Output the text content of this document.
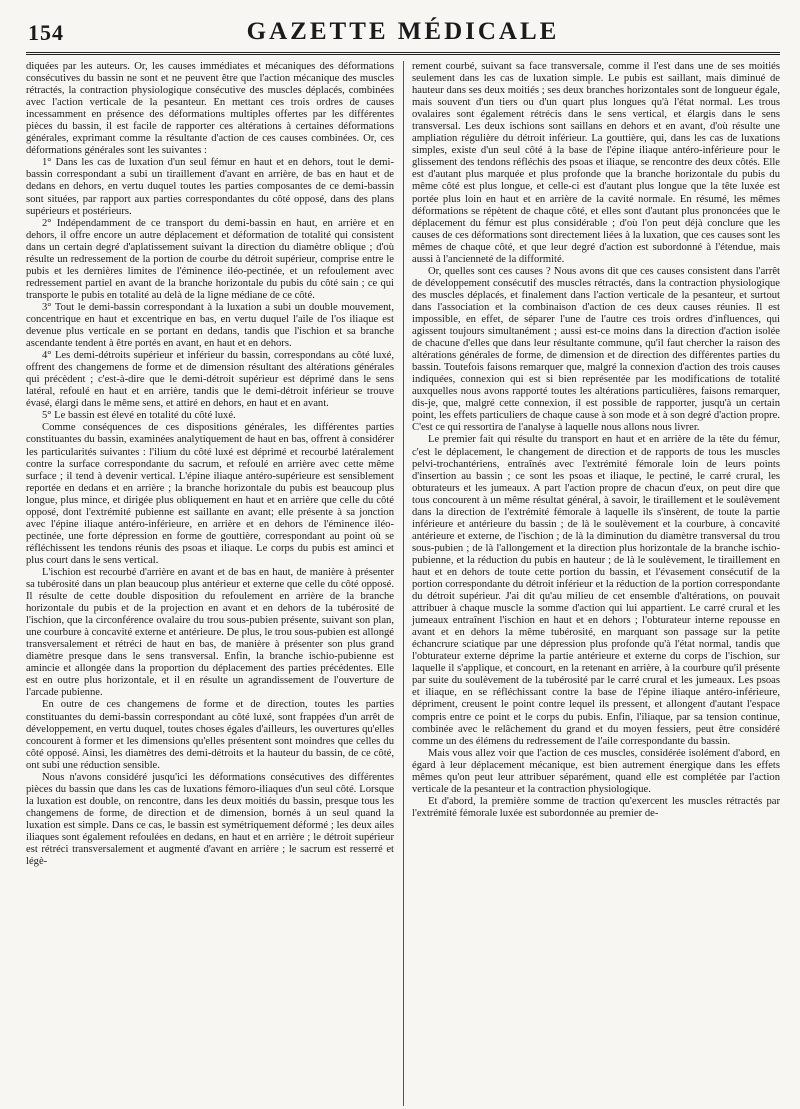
154	GAZETTE MÉDICALE

diquées par les auteurs. Or, les causes immédiates et mécaniques des déformations consécutives du bassin ne sont et ne peuvent être que l'action mécanique des muscles rétractés, la contraction physiologique consécutive des muscles déplacés, combinées avec l'action verticale de la pesanteur. En mettant ces trois ordres de causes incessamment en présence des déformations multiples offertes par les différentes pièces du bassin, il est facile de rapporter ces altérations à certaines déformations générales, exprimant comme la résultante d'action de ces causes combinées. Or, ces déformations générales sont les suivantes :

1° Dans les cas de luxation d'un seul fémur en haut et en dehors, tout le demi-bassin correspondant a subi un tiraillement d'avant en arrière, de bas en haut et de dedans en dehors, en vertu duquel toutes les parties composantes de ce demi-bassin sont situées, par rapport aux parties correspondantes du côté opposé, dans des plans supérieurs et postérieurs.

2° Indépendamment de ce transport du demi-bassin en haut, en arrière et en dehors, il offre encore un autre déplacement et déformation de totalité qui consistent dans un certain degré d'aplatissement suivant la direction du diamètre oblique ; d'où résulte un redressement de la portion de courbe du détroit supérieur, comprise entre le pubis et les dernières limites de l'éminence iléo-pectinée, et un refoulement avec redressement partiel en avant de la branche horizontale du pubis du côté sain ; ce qui transporte le pubis en totalité au delà de la ligne médiane de ce côté.

3° Tout le demi-bassin correspondant à la luxation a subi un double mouvement, concentrique en haut et excentrique en bas, en vertu duquel l'aile de l'os iliaque est devenue plus verticale en se portant en dedans, tandis que l'ischion et sa branche ascendante tendent à être portés en avant, en haut et en dehors.

4° Les demi-détroits supérieur et inférieur du bassin, correspondans au côté luxé, offrent des changemens de forme et de dimension résultant des altérations générales qui précèdent ; c'est-à-dire que le demi-détroit supérieur est déprimé dans le sens latéral, refoulé en haut et en arrière, tandis que le demi-détroit inférieur se trouve évasé, élargi dans le même sens, et attiré en dehors, en haut et en avant.

5° Le bassin est élevé en totalité du côté luxé.

Comme conséquences de ces dispositions générales, les différentes parties constituantes du bassin, examinées analytiquement de haut en bas, offrent à considérer les particularités suivantes : l'ilium du côté luxé est déprimé et recourbé latéralement contre la surface correspondante du sacrum, et refoulé en arrière avec cette même surface ; il tend à devenir vertical. L'épine iliaque antéro-supérieure est sensiblement reportée en dedans et en arrière ; la branche horizontale du pubis est beaucoup plus longue, plus mince, et dirigée plus obliquement en haut et en arrière que celle du côté opposé, dont l'extrémité pubienne est saillante en avant; elle présente à sa jonction avec l'épine iliaque antéro-inférieure, en arrière et en dehors de l'éminence iléo-pectinée, une forte dépression en forme de gouttière, correspondant au point où se réfléchissent les tendons réunis des psoas et iliaque. Le corps du pubis est aminci et plus court dans le sens vertical.

L'ischion est recourbé d'arrière en avant et de bas en haut, de manière à présenter sa tubérosité dans un plan beaucoup plus antérieur et externe que celle du côté opposé. Il résulte de cette double disposition du refoulement en arrière de la branche horizontale du pubis et de la projection en avant et en dehors de la tubérosité de l'ischion, que la circonférence ovalaire du trou sous-pubien présente, suivant son plan, une courbure à concavité externe et antérieure. De plus, le trou sous-pubien est allongé transversalement et rétréci de haut en bas, de manière à présenter son plus grand diamètre presque dans le sens transversal. Enfin, la branche ischio-pubienne est amincie et allongée dans la proportion du déplacement des parties précédentes. Elle est en outre plus horizontale, et il en résulte un agrandissement de l'ouverture de l'arcade pubienne.

En outre de ces changemens de forme et de direction, toutes les parties constituantes du demi-bassin correspondant au côté luxé, sont frappées d'un arrêt de développement, en vertu duquel, toutes choses égales d'ailleurs, les ouvertures qu'elles concourent à former et les dimensions qu'elles présentent sont moindres que celles du côté opposé. Ainsi, les diamètres des demi-détroits et la hauteur du bassin, de ce côté, ont subi une réduction sensible.

Nous n'avons considéré jusqu'ici les déformations consécutives des différentes pièces du bassin que dans les cas de luxations fémoro-iliaques d'un seul côté. Lorsque la luxation est double, on rencontre, dans les deux moitiés du bassin, presque tous les changemens de forme, de direction et de dimension, bornés à un seul quand la luxation est simple. Dans ce cas, le bassin est symétriquement déformé ; les deux ailes iliaques sont également refoulées en dedans, en haut et en arrière ; le détroit supérieur est rétréci transversalement et augmenté d'avant en arrière ; le sacrum est resserré et légè-

rement courbé, suivant sa face transversale, comme il l'est dans une de ses moitiés seulement dans les cas de luxation simple. Le pubis est saillant, mais diminué de hauteur dans ses deux moitiés ; ses deux branches horizontales sont de longueur égale, mais souvent d'un tiers ou d'un quart plus longues qu'à l'état normal. Les trous ovalaires sont également rétrécis dans le sens vertical, et élargis dans le sens transversal. Les deux ischions sont saillans en dehors et en avant, d'où résulte une ampliation régulière du détroit inférieur. La gouttière, qui, dans les cas de luxations simples, existe d'un seul côté à la base de l'épine iliaque antéro-inférieure pour le glissement des tendons réfléchis des psoas et iliaque, se rencontre des deux côtés. Elle est d'autant plus marquée et plus profonde que la branche horizontale du pubis du même côté est plus longue, et celle-ci est d'autant plus longue que la tête luxée est portée plus loin en haut et en arrière de la cavité normale. En résumé, les mêmes déformations se répètent de chaque côté, et elles sont d'autant plus prononcées que le déplacement du fémur est plus considérable ; d'où l'on peut déjà conclure que les causes de ces déformations sont directement liées à la luxation, que ces causes sont les mêmes de chaque côté, et que leur degré d'action est subordonné à l'étendue, mais aussi à l'ancienneté de la difformité.

Or, quelles sont ces causes ? Nous avons dit que ces causes consistent dans l'arrêt de développement consécutif des muscles rétractés, dans la contraction physiologique des muscles déplacés, et finalement dans l'action verticale de la pesanteur, et surtout dans l'association et la combinaison d'action de ces deux causes réunies. Il est impossible, en effet, de séparer l'une de l'autre ces trois ordres d'influences, qui agissent toujours simultanément ; aussi est-ce moins dans la direction d'action isolée de chacune d'elles que dans leur résultante commune, qu'il faut chercher la raison des altérations générales de forme, de dimension et de direction des différentes parties du bassin. Toutefois faisons remarquer que, malgré la connexion d'action des trois causes indiquées, connexion qui est si bien représentée par les modifications de totalité auxquelles nous avons rapporté toutes les altérations particulières, faisons remarquer, dis-je, que, malgré cette connexion, il est possible de rapporter, jusqu'à un certain point, les effets particuliers de chaque cause à son mode et à son degré d'action propre. C'est ce qui ressortira de l'analyse à laquelle nous allons nous livrer.

Le premier fait qui résulte du transport en haut et en arrière de la tête du fémur, c'est le déplacement, le changement de direction et de rapports de tous les muscles pelvi-trochantériens, entraînés avec l'extrémité fémorale loin de leurs points d'insertion au bassin ; ce sont les psoas et iliaque, le pectiné, le carré crural, les obturateurs et les jumeaux. A part l'action propre de chacun d'eux, on peut dire que tous concourent à un même résultat général, à savoir, le tiraillement et le soulèvement dans la direction de l'extrémité fémorale à laquelle ils s'insèrent, de toute la partie inférieure et antérieure du bassin ; de là le soulèvement et la courbure, à concavité antérieure et externe, de l'ischion ; de là la diminution du diamètre transversal du trou sous-pubien ; de là l'allongement et la direction plus horizontale de la branche ischio-pubienne, et la réduction du pubis en hauteur ; de là le soulèvement, le tiraillement en haut et en dehors de toute cette portion du bassin, et l'évasement consécutif de la portion correspondante du détroit inférieur et la réduction de la portion correspondante du détroit supérieur. J'ai dit qu'au milieu de cet ensemble d'altérations, on pouvait attribuer à chaque muscle la somme d'action qui lui appartient. Le carré crural et les jumeaux entraînent l'ischion en haut et en dehors ; l'obturateur interne repousse en avant et en dehors la même tubérosité, en marquant son passage sur la petite échancrure sciatique par une dépression plus profonde qu'à l'état normal, tandis que l'obturateur externe déprime la partie antérieure et externe du corps de l'ischion, sur laquelle il s'applique, et concourt, en la retenant en arrière, à la courbure qu'il présente par suite du soulèvement de la tubérosité par le carré crural et les jumeaux. Les psoas et iliaque, en se réfléchissant contre la base de l'épine iliaque antéro-inférieure, dépriment, creusent le point contre lequel ils pressent, et allongent d'autant l'espace compris entre ce point et le corps du pubis. Enfin, l'iliaque, par sa tension continue, combinée avec le relâchement du grand et du moyen fessiers, peut être considéré comme un des élémens du redressement de l'aile correspondante du bassin.

Mais vous allez voir que l'action de ces muscles, considérée isolément d'abord, en égard à leur déplacement mécanique, est bien autrement énergique dans les effets mêmes qu'on peut leur attribuer séparément, quand elle est complétée par l'action verticale de la pesanteur et la contraction physiologique.

Et d'abord, la première somme de traction qu'exercent les muscles rétractés par l'extrémité fémorale luxée est subordonnée au premier de-
